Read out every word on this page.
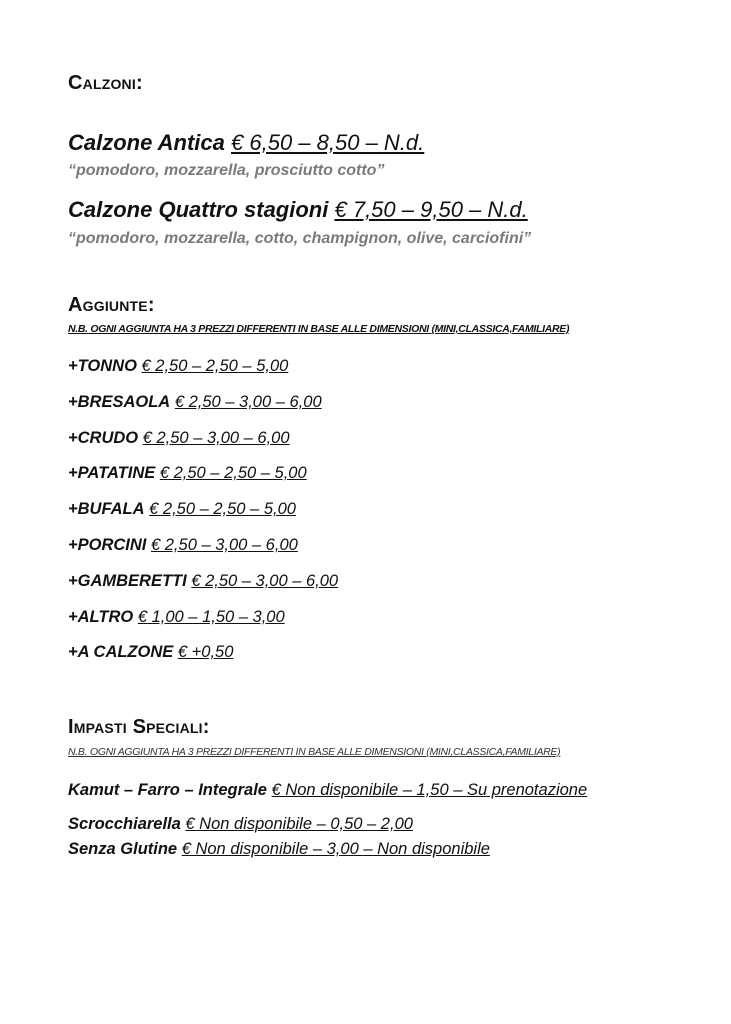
Calzoni:
Calzone Antica € 6,50 – 8,50 – N.d.
“pomodoro, mozzarella, prosciutto cotto”
Calzone Quattro stagioni € 7,50 – 9,50 – N.d.
“pomodoro, mozzarella, cotto, champignon, olive, carciofini”
Aggiunte:
N.B. OGNI AGGIUNTA HA 3 PREZZI DIFFERENTI IN BASE ALLE DIMENSIONI (MINI,CLASSICA,FAMILIARE)
+TONNO € 2,50 – 2,50 – 5,00
+BRESAOLA € 2,50 – 3,00 – 6,00
+CRUDO € 2,50 – 3,00 – 6,00
+PATATINE € 2,50 – 2,50 – 5,00
+BUFALA € 2,50 – 2,50 – 5,00
+PORCINI € 2,50 – 3,00 – 6,00
+GAMBERETTI € 2,50 – 3,00 – 6,00
+ALTRO € 1,00 – 1,50 – 3,00
+A CALZONE € +0,50
Impasti Speciali:
N.B. OGNI AGGIUNTA HA 3 PREZZI DIFFERENTI IN BASE ALLE DIMENSIONI (MINI,CLASSICA,FAMILIARE)
Kamut – Farro – Integrale € Non disponibile – 1,50 – Su prenotazione
Scrocchiarella € Non disponibile – 0,50 – 2,00
Senza Glutine € Non disponibile – 3,00 – Non disponibile
